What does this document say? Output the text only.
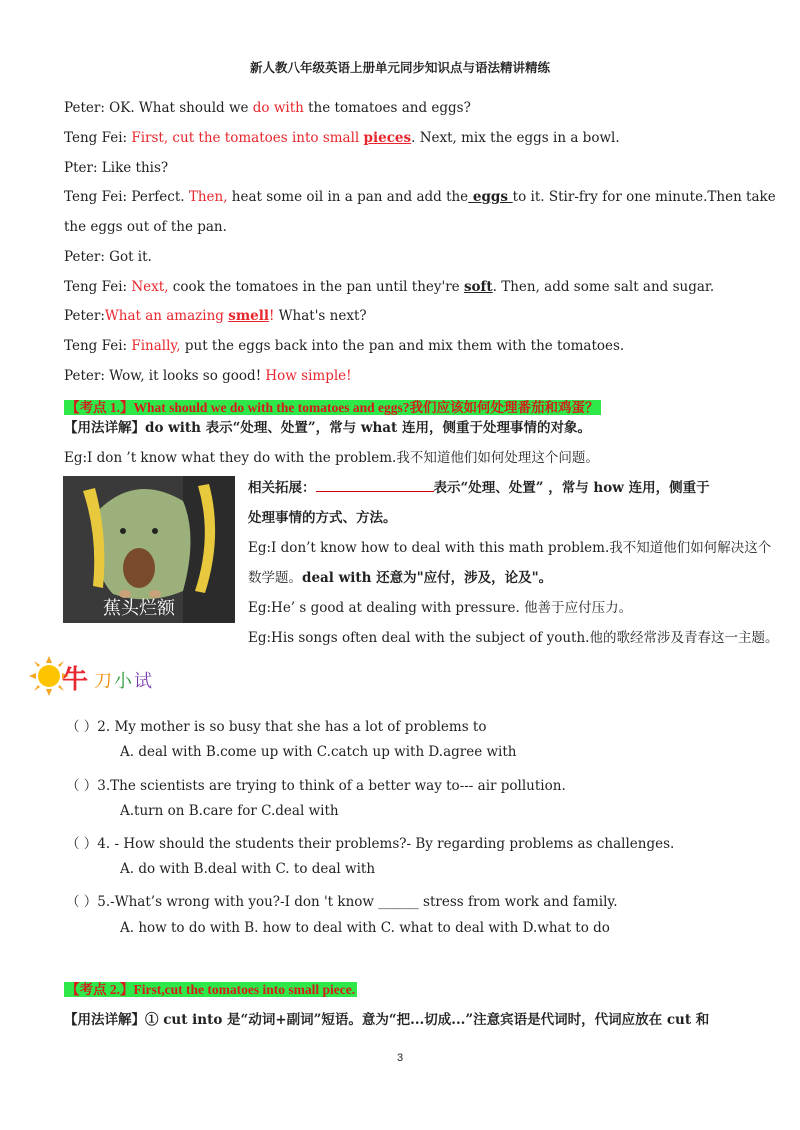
新人教八年级英语上册单元同步知识点与语法精讲精练
Peter: OK. What should we do with the tomatoes and eggs?
Teng Fei: First, cut the tomatoes into small pieces. Next, mix the eggs in a bowl.
Pter: Like this?
Teng Fei: Perfect. Then, heat some oil in a pan and add the eggs to it. Stir-fry for one minute.Then take
the eggs out of the pan.
Peter: Got it.
Teng Fei: Next, cook the tomatoes in the pan until they're soft. Then, add some salt and sugar.
Peter:What an amazing smell! What's next?
Teng Fei: Finally, put the eggs back into the pan and mix them with the tomatoes.
Peter: Wow, it looks so good! How simple!
【考点 1.】What should we do with the tomatoes and eggs?我们应该如何处理番茄和鸡蛋？
【用法详解】do with 表示“处理、处置”，常与 what 连用，侧重于处理事情的对象。
Eg:I don ’t know what they do with the problem.我不知道他们如何处理这个问题。
蕉头烂额
相关拓展：	表示“处理、处置” ，常与 how 连用，侧重于
处理事情的方式、方法。
Eg:I don’t know how to deal with this math problem.我不知道他们如何解决这个
数学题。deal with 还意为"应付，涉及，论及"。
Eg:He’ s good at dealing with pressure. 他善于应付压力。
Eg:His songs often deal with the subject of youth.他的歌经常涉及青春这一主题。
牛 刀 小 试
（ ）2. My mother is so busy that she has a lot of problems to
A. deal with B.come up with C.catch up with D.agree with
（ ）3.The scientists are trying to think of a better way to--- air pollution.
A.turn on B.care for C.deal with
（ ）4. - How should the students their problems?- By regarding problems as challenges.
A. do with B.deal with C. to deal with
（ ）5.-What’s wrong with you?-I don 't know ______ stress from work and family.
A. how to do with B. how to deal with C. what to deal with D.what to do
【考点 2.】First,cut the tomatoes into small piece.
【用法详解】① cut into 是“动词+副词”短语。意为“把...切成...”注意宾语是代词时，代词应放在 cut 和
3
